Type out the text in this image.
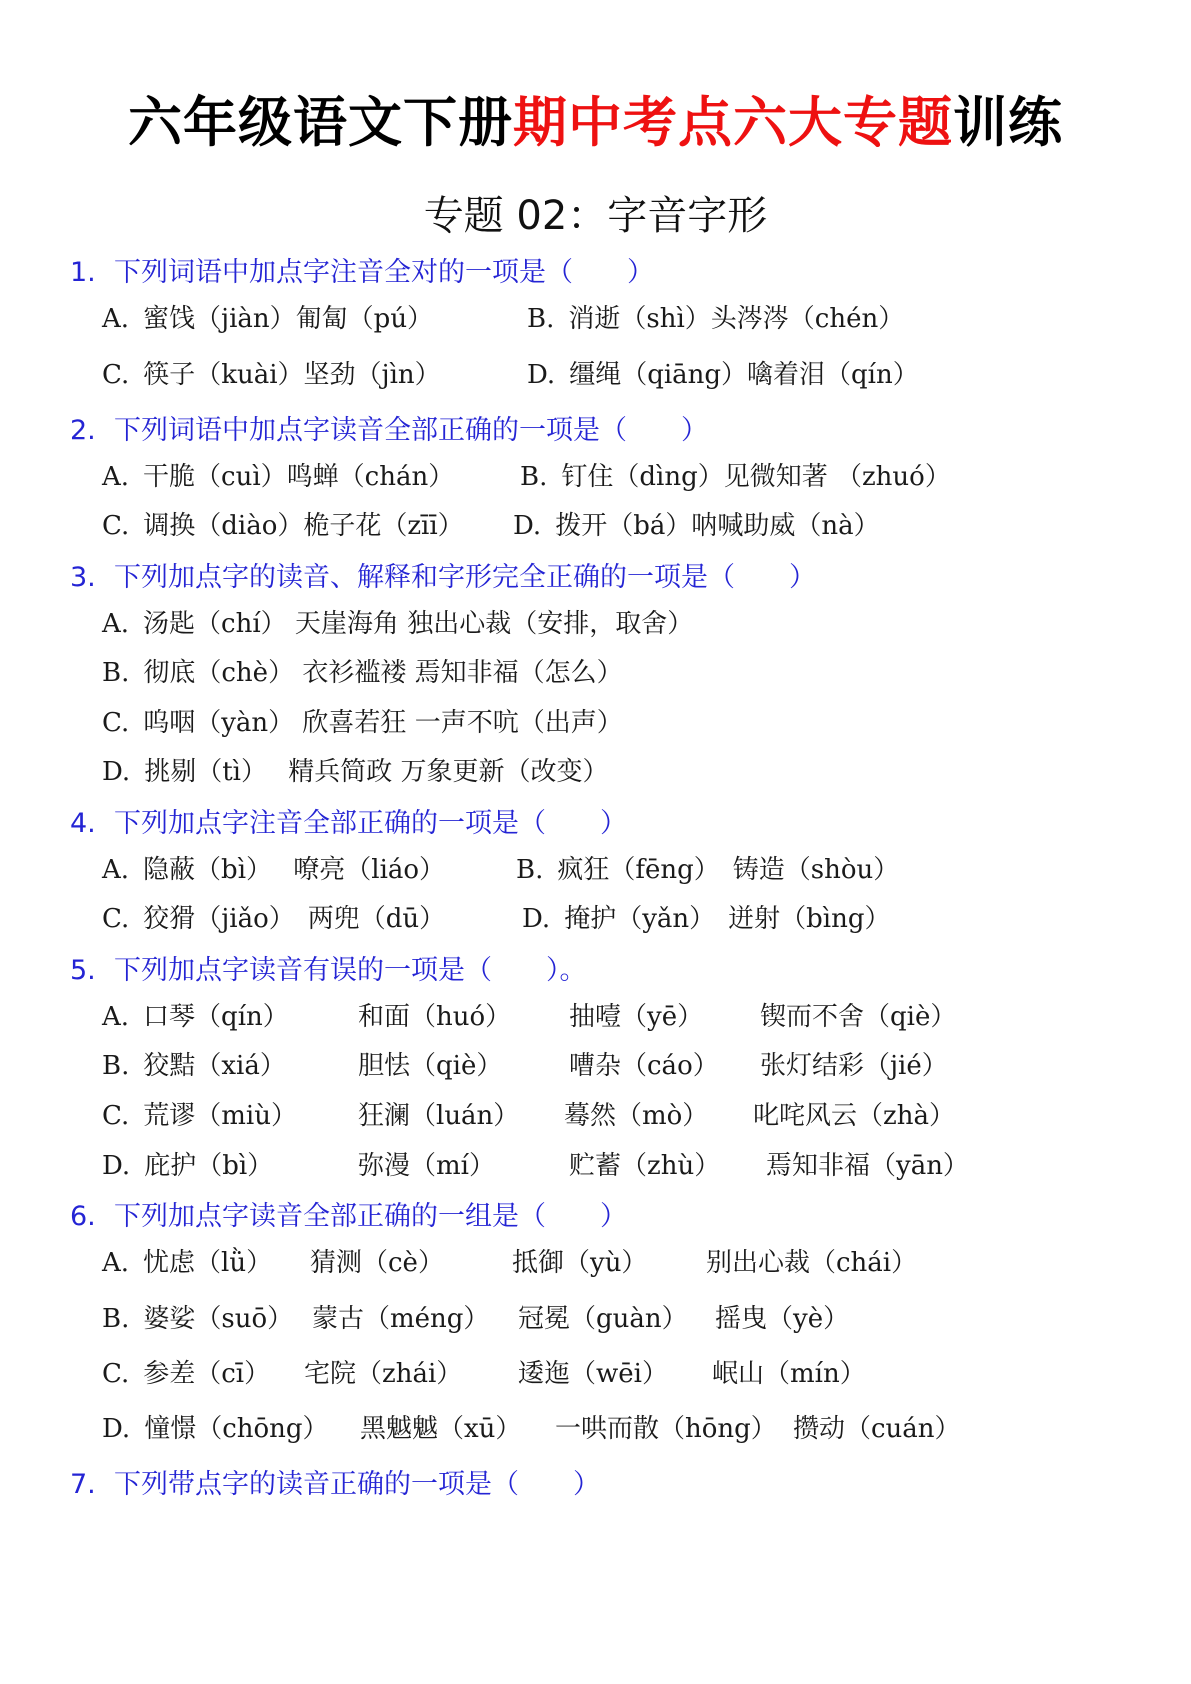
六年级语文下册期中考点六大专题训练
专题 02：字音字形
1. 下列词语中加点字注音全对的一项是（　　）
A. 蜜饯（jiàn）匍匐（pú）	B. 消逝（shì）头涔涔（chén）
C. 筷子（kuài）坚劲（jìn）	D. 缰绳（qiāng）噙着泪（qín）
2. 下列词语中加点字读音全部正确的一项是（　　）
A. 干脆（cuì）鸣蝉（chán）	B. 钉住（dìng）见微知著 （zhuó）
C. 调换（diào）桅子花（zīī） D. 拨开（bá）呐喊助威（nà）
3. 下列加点字的读音、解释和字形完全正确的一项是（　　）
A. 汤匙（chí） 天崖海角 独出心裁（安排，取舍）
B. 彻底（chè） 衣衫褴褛 焉知非福（怎么）
C. 呜咽（yàn） 欣喜若狂 一声不吭（出声）
D. 挑剔（tì）　 精兵简政 万象更新（改变）
4. 下列加点字注音全部正确的一项是（　　）
A. 隐蔽（bì）　 嘹亮（liáo）	B. 疯狂（fēng）　铸造（shòu）
C. 狡猾（jiǎo）　两兜（dū）	D. 掩护（yǎn）　迸射（bìng）
5. 下列加点字读音有误的一项是（　　）。
A. 口琴（qín）	和面（huó） 抽噎（yē） 锲而不舍（qiè）
B. 狡黠（xiá）	胆怯（qiè）	嘈杂（cáo） 张灯结彩（jié）
C. 荒谬（miù） 狂澜（luán） 蓦然（mò） 叱咤风云（zhà）
D. 庇护（bì）	弥漫（mí）	贮蓄（zhù） 焉知非福（yān）
6. 下列加点字读音全部正确的一组是（　　）
A. 忧虑（lǜ） 猜测（cè）	抵御（yù） 别出心裁（chái）
B. 婆娑（suō） 蒙古（méng） 冠冕（guàn） 摇曳（yè）
C. 参差（cī） 宅院（zhái） 逶迤（wēi） 岷山（mín）
D. 憧憬（chōng） 黑魆魆（xū） 一哄而散（hōng） 攒动（cuán）
7. 下列带点字的读音正确的一项是（　　）
